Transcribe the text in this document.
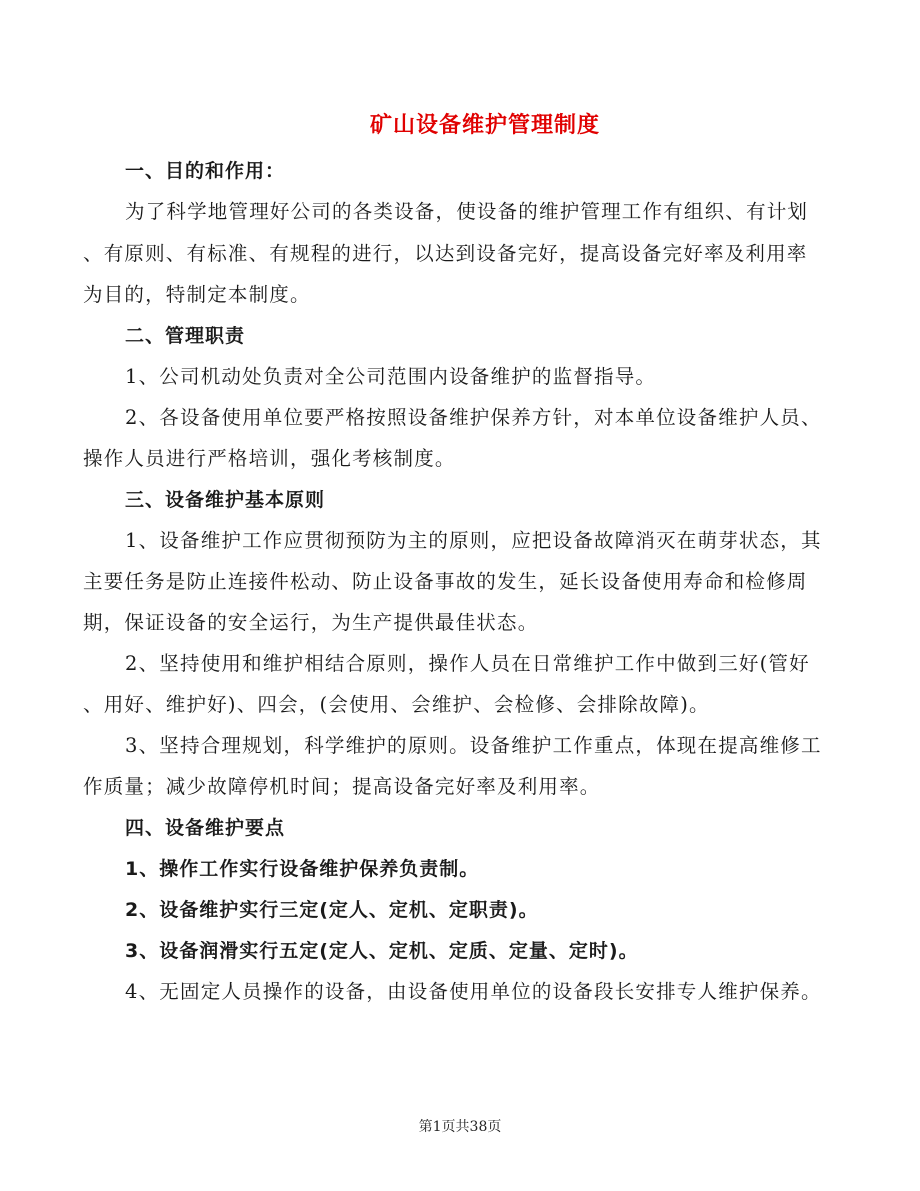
矿山设备维护管理制度
一、目的和作用：
为了科学地管理好公司的各类设备，使设备的维护管理工作有组织、有计划
、有原则、有标准、有规程的进行，以达到设备完好，提高设备完好率及利用率
为目的，特制定本制度。
二、管理职责
1、公司机动处负责对全公司范围内设备维护的监督指导。
2、各设备使用单位要严格按照设备维护保养方针，对本单位设备维护人员、
操作人员进行严格培训，强化考核制度。
三、设备维护基本原则
1、设备维护工作应贯彻预防为主的原则，应把设备故障消灭在萌芽状态，其
主要任务是防止连接件松动、防止设备事故的发生，延长设备使用寿命和检修周
期，保证设备的安全运行，为生产提供最佳状态。
2、坚持使用和维护相结合原则，操作人员在日常维护工作中做到三好(管好
、用好、维护好)、四会，(会使用、会维护、会检修、会排除故障)。
3、坚持合理规划，科学维护的原则。设备维护工作重点，体现在提高维修工
作质量；减少故障停机时间；提高设备完好率及利用率。
四、设备维护要点
1、操作工作实行设备维护保养负责制。
2、设备维护实行三定(定人、定机、定职责)。
3、设备润滑实行五定(定人、定机、定质、定量、定时)。
4、无固定人员操作的设备，由设备使用单位的设备段长安排专人维护保养。
第1页共38页
